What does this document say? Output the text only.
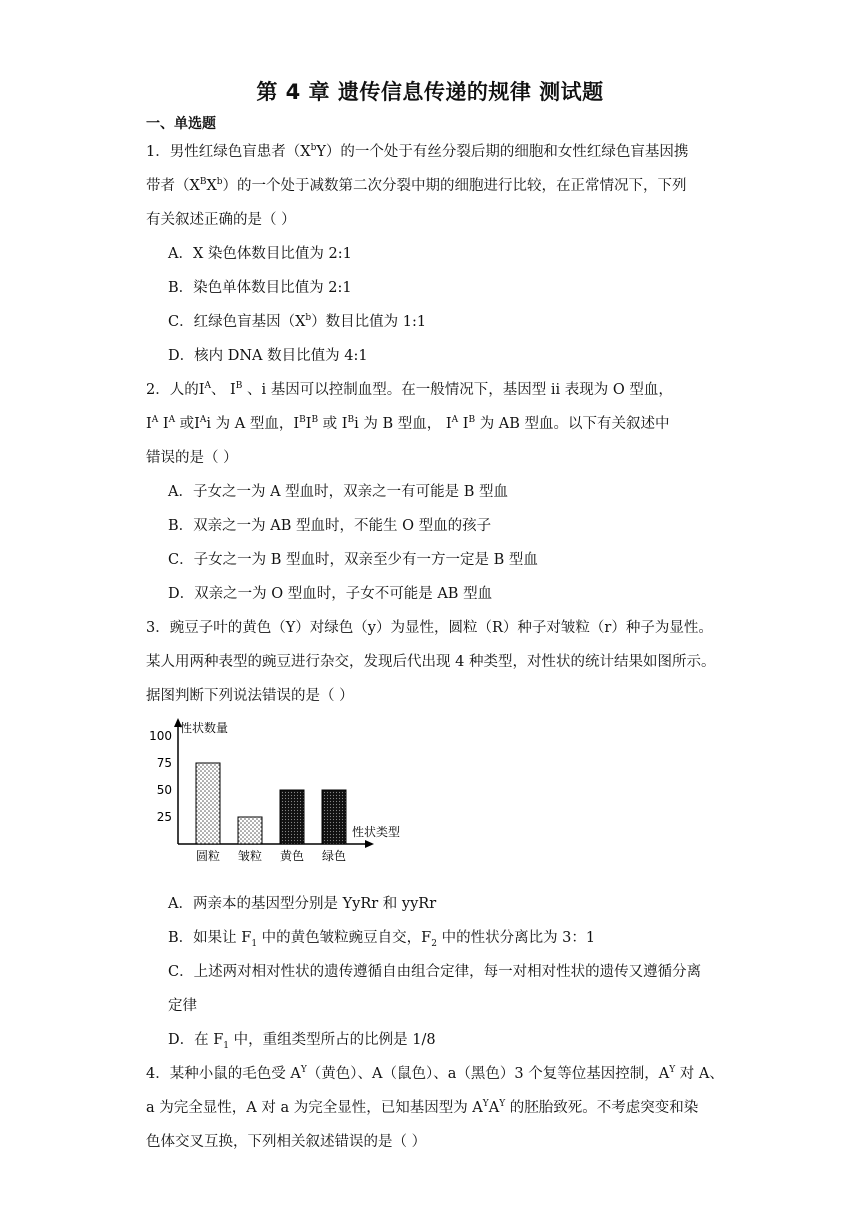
第 4 章 遗传信息传递的规律 测试题
一、单选题
1．男性红绿色盲患者$(X^bY)$的一个处于有丝分裂后期的细胞和女性红绿色盲基因携
带者$(X^BX^b)$的一个处于减数第二次分裂中期的细胞进行比较，在正常情况下，下列
有关叙述正确的是（ ）
A．X 染色体数目比值为 2:1
B．染色单体数目比值为 2:1
C．红绿色盲基因$(X^b)$数目比值为 1:1
D．核内 DNA 数目比值为 4:1
2．人的Ⅰ$^A$、 Ⅰ$^B$ 、i 基因可以控制血型。在一般情况下，基因型 ii 表现为 O 型血，
Ⅰ$^A$ Ⅰ$^A$ 或Ⅰ$^A$i 为 A 型血，$I^BI^B$ 或 $I^Bi$ 为 B 型血， Ⅰ$^A$ Ⅰ$^B$ 为 AB 型血。以下有关叙述中
错误的是（ ）
A．子女之一为 A 型血时，双亲之一有可能是 B 型血
B．双亲之一为 AB 型血时，不能生 O 型血的孩子
C．子女之一为 B 型血时，双亲至少有一方一定是 B 型血
D．双亲之一为 O 型血时，子女不可能是 AB 型血
3．豌豆子叶的黄色（Y）对绿色（y）为显性，圆粒（R）种子对皱粒（r）种子为显性。
某人用两种表型的豌豆进行杂交，发现后代出现 4 种类型，对性状的统计结果如图所示。
据图判断下列说法错误的是（ ）
性状数量
性状类型
100
75
50
25
圆粒 皱粒 黄色 绿色
A．两亲本的基因型分别是 YyRr 和 yyRr
B．如果让 $F_1$ 中的黄色皱粒豌豆自交，$F_2$ 中的性状分离比为 3：1
C．上述两对相对性状的遗传遵循自由组合定律，每一对相对性状的遗传又遵循分离
定律
D．在 $F_1$ 中，重组类型所占的比例是 1/8
4．某种小鼠的毛色受 $A^Y$（黄色）、A（鼠色）、a（黑色）3 个复等位基因控制，$A^Y$ 对 A、
a 为完全显性，A 对 a 为完全显性，已知基因型为 $A^YA^Y$ 的胚胎致死。不考虑突变和染
色体交叉互换，下列相关叙述错误的是（ ）
